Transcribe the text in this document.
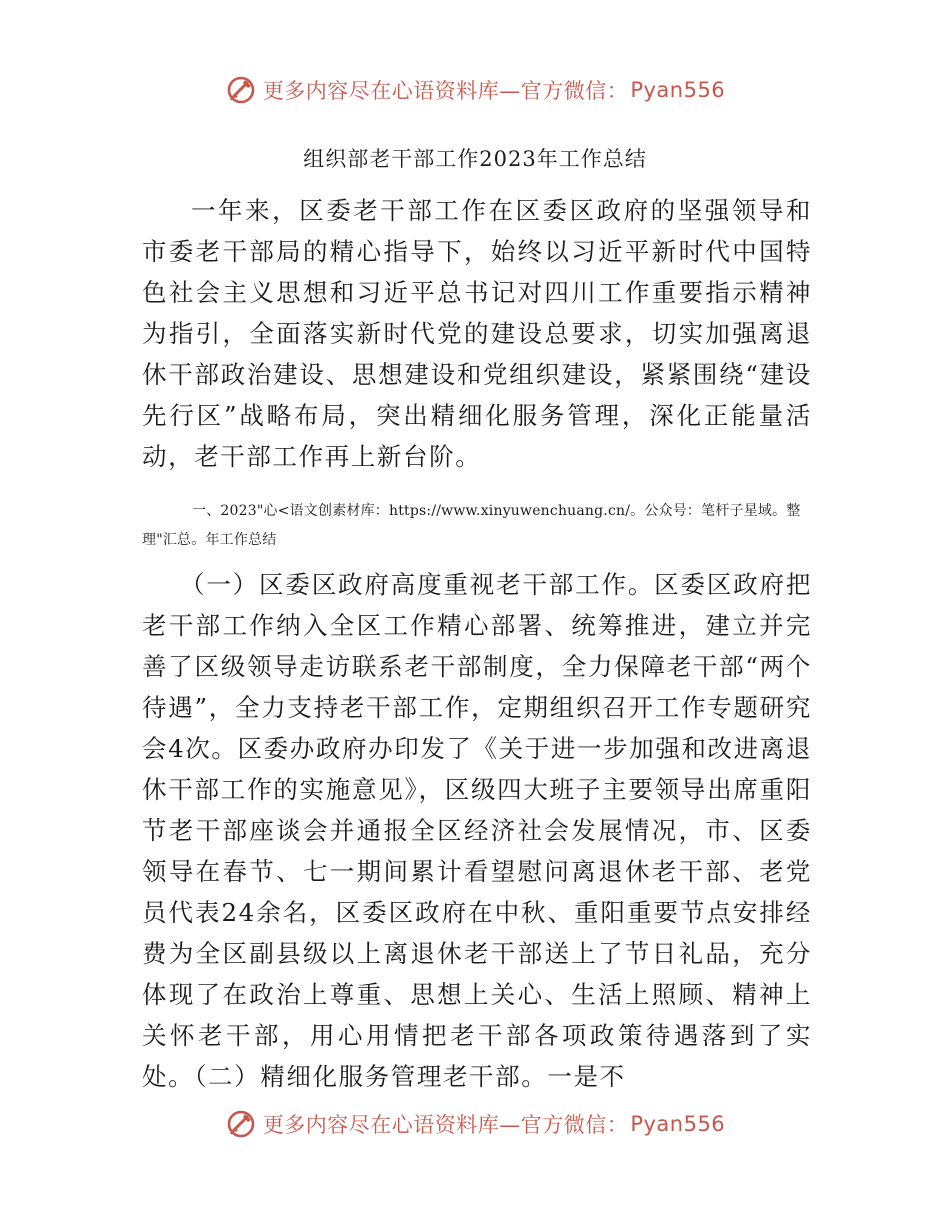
更多内容尽在心语资料库—官方微信： Pyan556
组织部老干部工作2023年工作总结

一年来，区委老干部工作在区委区政府的坚强领导和市委老干部局的精心指导下，始终以习近平新时代中国特色社会主义思想和习近平总书记对四川工作重要指示精神为指引，全面落实新时代党的建设总要求，切实加强离退休干部政治建设、思想建设和党组织建设，紧紧围绕“建设先行区”战略布局，突出精细化服务管理，深化正能量活动，老干部工作再上新台阶。

一、2023"心<语文创素材库：https://www.xinyuwenchuang.cn/。公众号：笔杆子星域。整理"汇总。年工作总结

（一）区委区政府高度重视老干部工作。区委区政府把老干部工作纳入全区工作精心部署、统筹推进，建立并完善了区级领导走访联系老干部制度，全力保障老干部“两个待遇”，全力支持老干部工作，定期组织召开工作专题研究会4次。区委办政府办印发了《关于进一步加强和改进离退休干部工作的实施意见》，区级四大班子主要领导出席重阳节老干部座谈会并通报全区经济社会发展情况，市、区委领导在春节、七一期间累计看望慰问离退休老干部、老党员代表24余名，区委区政府在中秋、重阳重要节点安排经费为全区副县级以上离退休老干部送上了节日礼品，充分体现了在政治上尊重、思想上关心、生活上照顾、精神上关怀老干部，用心用情把老干部各项政策待遇落到了实处。（二）精细化服务管理老干部。一是不

更多内容尽在心语资料库—官方微信： Pyan556
